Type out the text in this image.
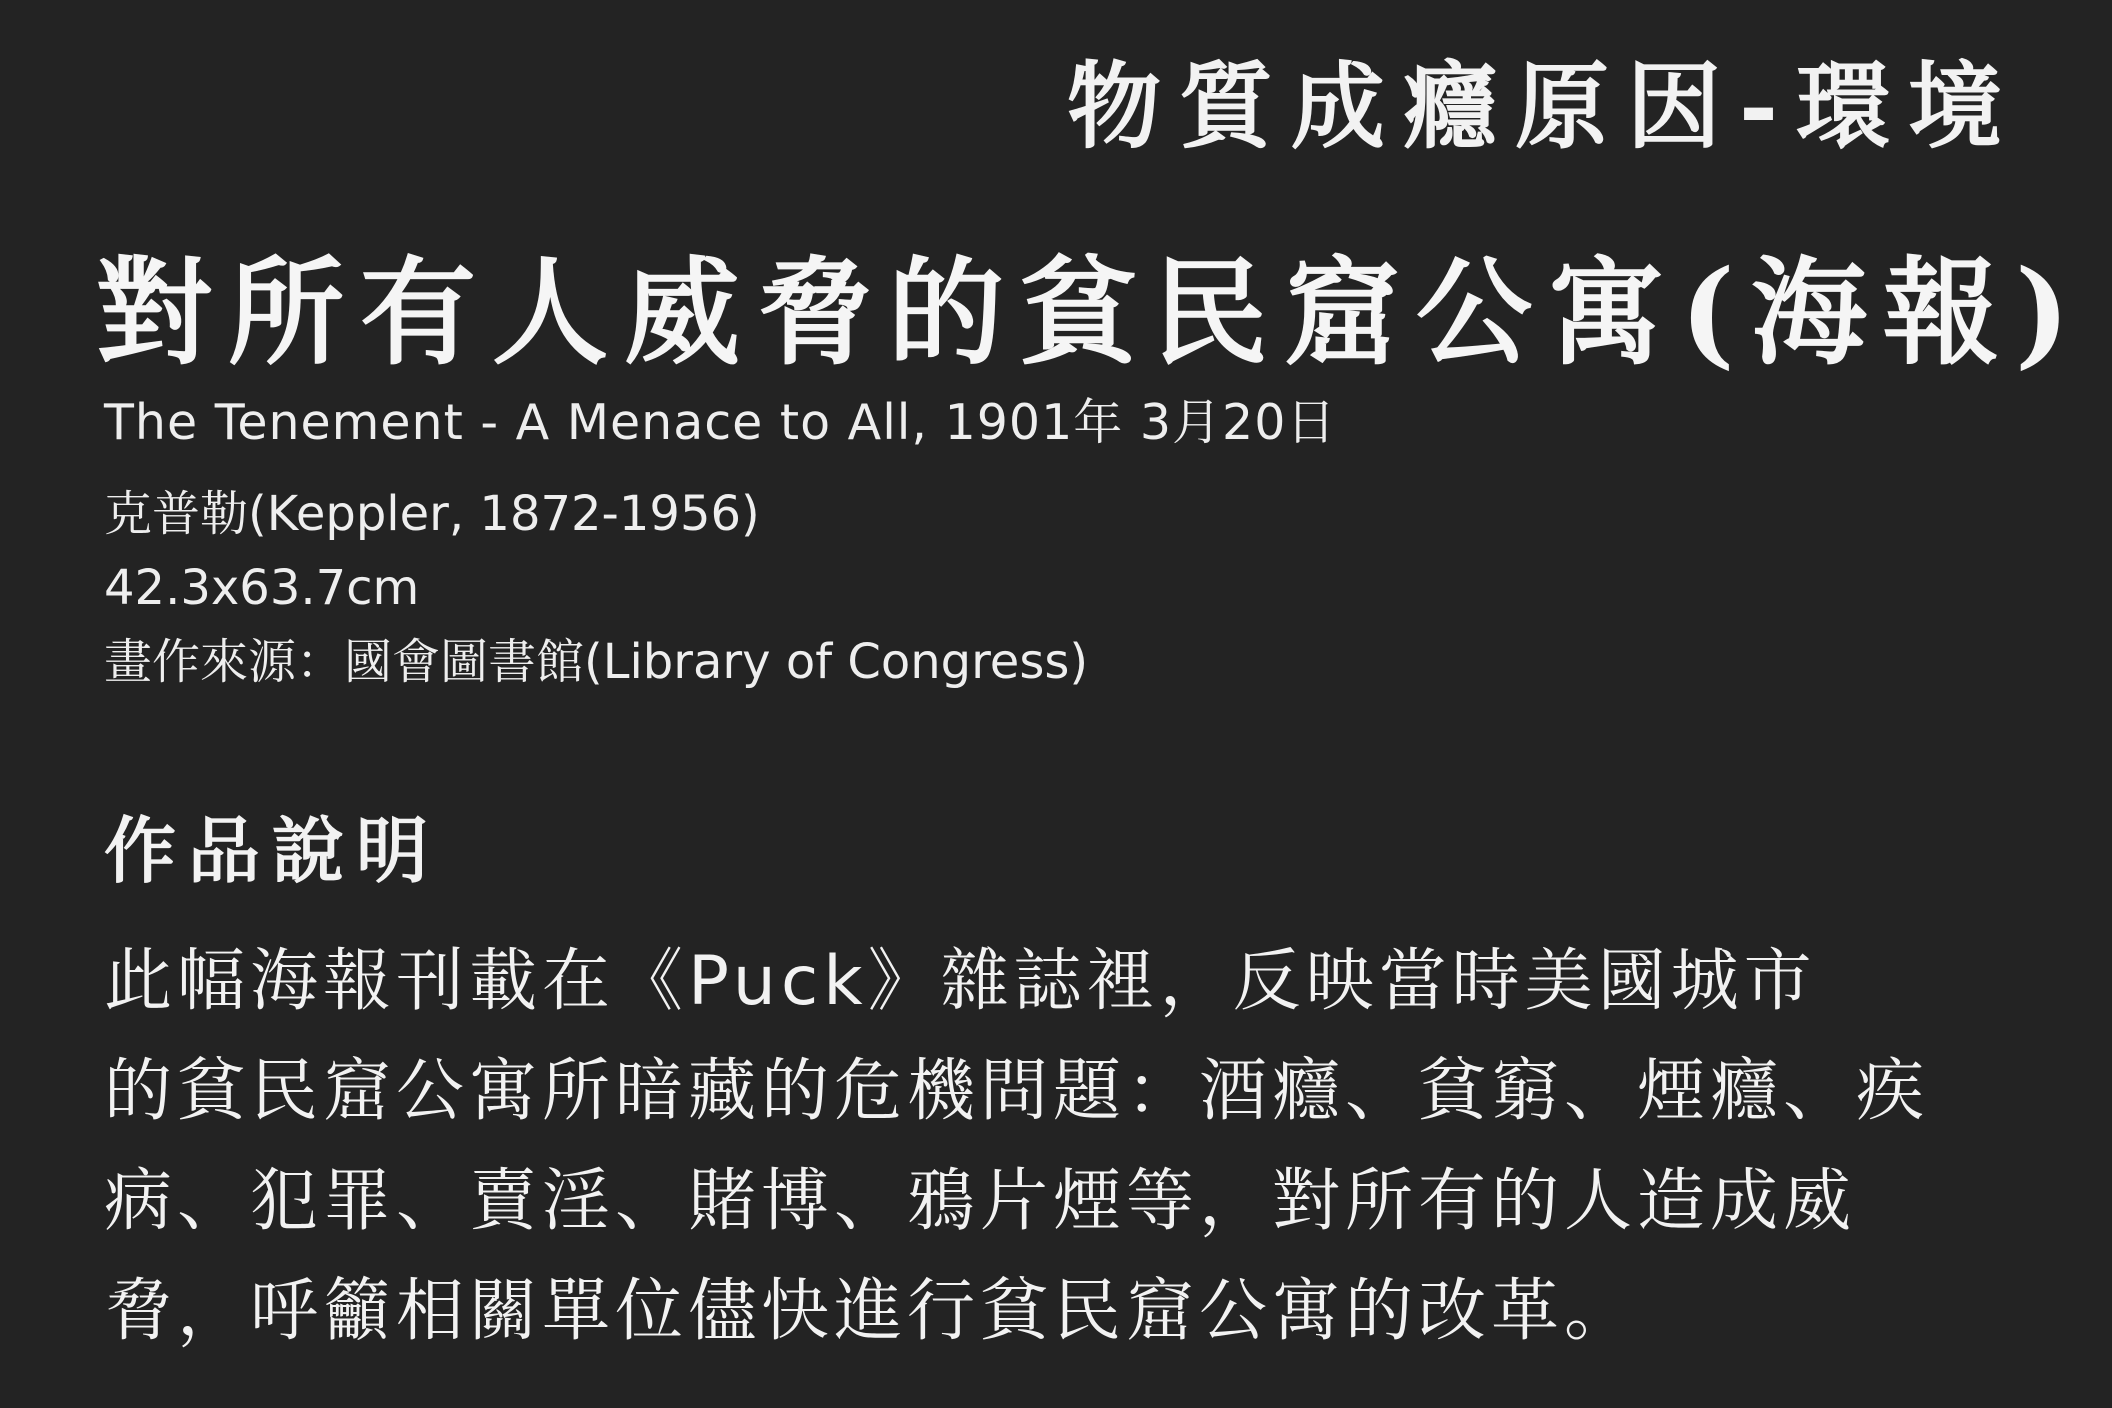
物質成癮原因-環境
對所有人威脅的貧民窟公寓(海報)
The Tenement - A Menace to All, 1901年 3月20日
克普勒(Keppler, 1872-1956)
42.3x63.7cm
畫作來源：國會圖書館(Library of Congress)
作品說明

此幅海報刊載在《Puck》雜誌裡，反映當時美國城市
的貧民窟公寓所暗藏的危機問題：酒癮、貧窮、煙癮、疾
病、犯罪、賣淫、賭博、鴉片煙等，對所有的人造成威
脅，呼籲相關單位儘快進行貧民窟公寓的改革。
